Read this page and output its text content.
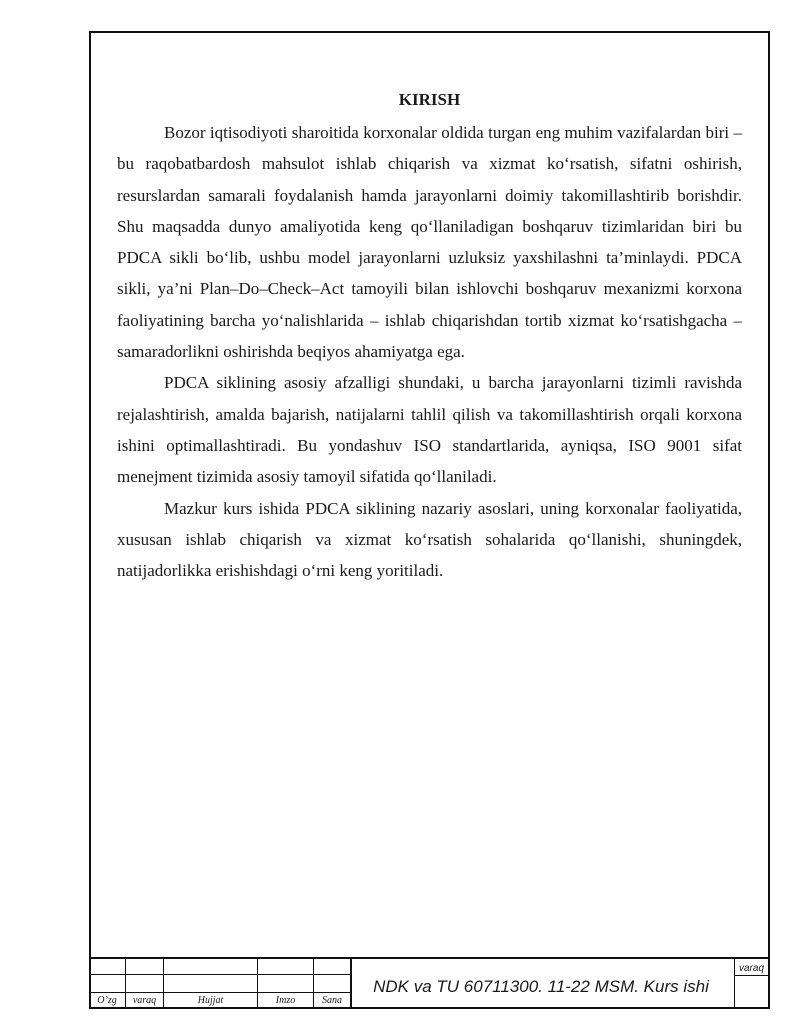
KIRISH

Bozor iqtisodiyoti sharoitida korxonalar oldida turgan eng muhim vazifalardan biri – bu raqobatbardosh mahsulot ishlab chiqarish va xizmat ko‘rsatish, sifatni oshirish, resurslardan samarali foydalanish hamda jarayonlarni doimiy takomillashtirib borishdir. Shu maqsadda dunyo amaliyotida keng qo‘llaniladigan boshqaruv tizimlaridan biri bu PDCA sikli bo‘lib, ushbu model jarayonlarni uzluksiz yaxshilashni ta’minlaydi. PDCA sikli, ya’ni Plan–Do–Check–Act tamoyili bilan ishlovchi boshqaruv mexanizmi korxona faoliyatining barcha yo‘nalishlarida – ishlab chiqarishdan tortib xizmat ko‘rsatishgacha – samaradorlikni oshirishda beqiyos ahamiyatga ega.

PDCA siklining asosiy afzalligi shundaki, u barcha jarayonlarni tizimli ravishda rejalashtirish, amalda bajarish, natijalarni tahlil qilish va takomillashtirish orqali korxona ishini optimallashtiradi. Bu yondashuv ISO standartlarida, ayniqsa, ISO 9001 sifat menejment tizimida asosiy tamoyil sifatida qo‘llaniladi.

Mazkur kurs ishida PDCA siklining nazariy asoslari, uning korxonalar faoliyatida, xususan ishlab chiqarish va xizmat ko‘rsatish sohalarida qo‘llanishi, shuningdek, natijadorlikka erishishdagi o‘rni keng yoritiladi.

O’zg	varaq	Hujjat	Imzo	Sana
NDK va TU 60711300. 11-22 MSM. Kurs ishi
varaq
